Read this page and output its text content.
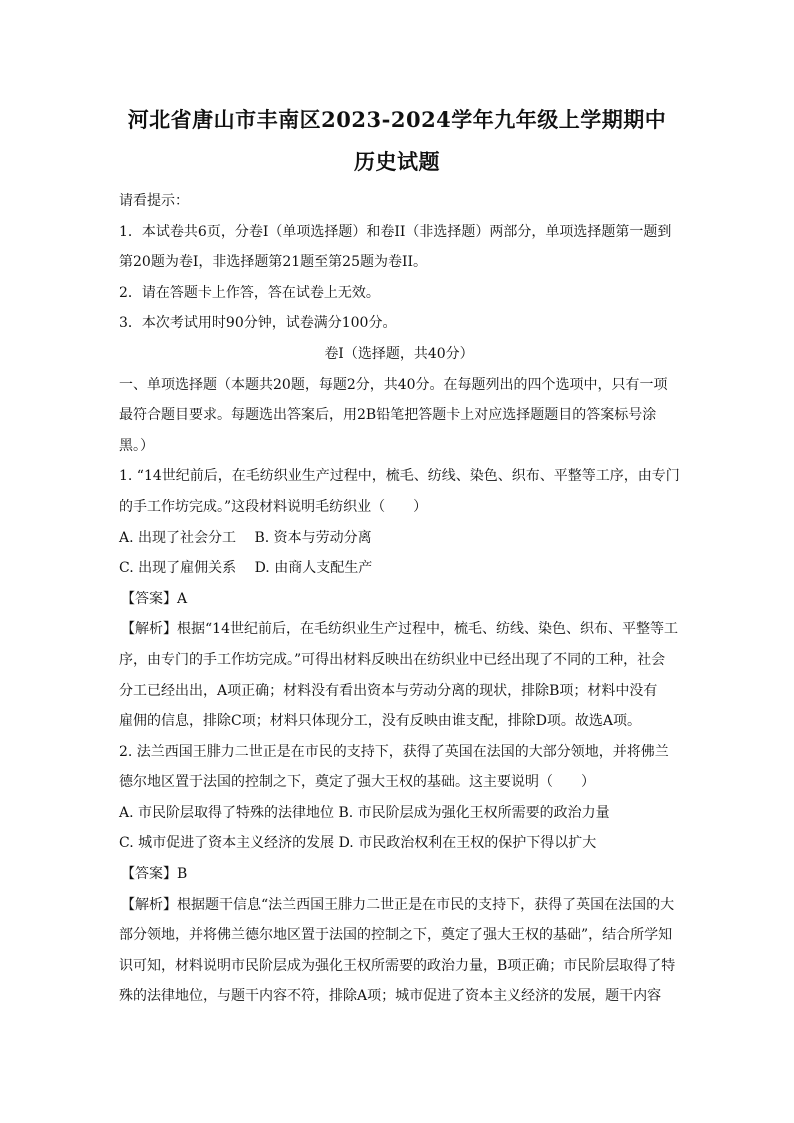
河北省唐山市丰南区2023-2024学年九年级上学期期中
历史试题

请看提示：

1．本试卷共6页，分卷I（单项选择题）和卷II（非选择题）两部分，单项选择题第一题到

第20题为卷I，非选择题第21题至第25题为卷II。

2．请在答题卡上作答，答在试卷上无效。

3．本次考试用时90分钟，试卷满分100分。

卷I（选择题，共40分）

一、单项选择题（本题共20题，每题2分，共40分。在每题列出的四个选项中，只有一项

最符合题目要求。每题选出答案后，用2B铅笔把答题卡上对应选择题题目的答案标号涂

黑。）

1. “14世纪前后，在毛纺织业生产过程中，梳毛、纺线、染色、织布、平整等工序，由专门

的手工作坊完成。”这段材料说明毛纺织业（　　）

A. 出现了社会分工　 B. 资本与劳动分离

C. 出现了雇佣关系　 D. 由商人支配生产

【答案】A

【解析】根据“14世纪前后，在毛纺织业生产过程中，梳毛、纺线、染色、织布、平整等工

序，由专门的手工作坊完成。”可得出材料反映出在纺织业中已经出现了不同的工种，社会

分工已经出出，A项正确；材料没有看出资本与劳动分离的现状，排除B项；材料中没有

雇佣的信息，排除C项；材料只体现分工，没有反映由谁支配，排除D项。故选A项。

2. 法兰西国王腓力二世正是在市民的支持下，获得了英国在法国的大部分领地，并将佛兰

德尔地区置于法国的控制之下，奠定了强大王权的基础。这主要说明（　　）

A. 市民阶层取得了特殊的法律地位 B. 市民阶层成为强化王权所需要的政治力量

C. 城市促进了资本主义经济的发展 D. 市民政治权利在王权的保护下得以扩大

【答案】B

【解析】根据题干信息“法兰西国王腓力二世正是在市民的支持下，获得了英国在法国的大

部分领地，并将佛兰德尔地区置于法国的控制之下，奠定了强大王权的基础”，结合所学知

识可知，材料说明市民阶层成为强化王权所需要的政治力量，B项正确；市民阶层取得了特

殊的法律地位，与题干内容不符，排除A项；城市促进了资本主义经济的发展，题干内容
